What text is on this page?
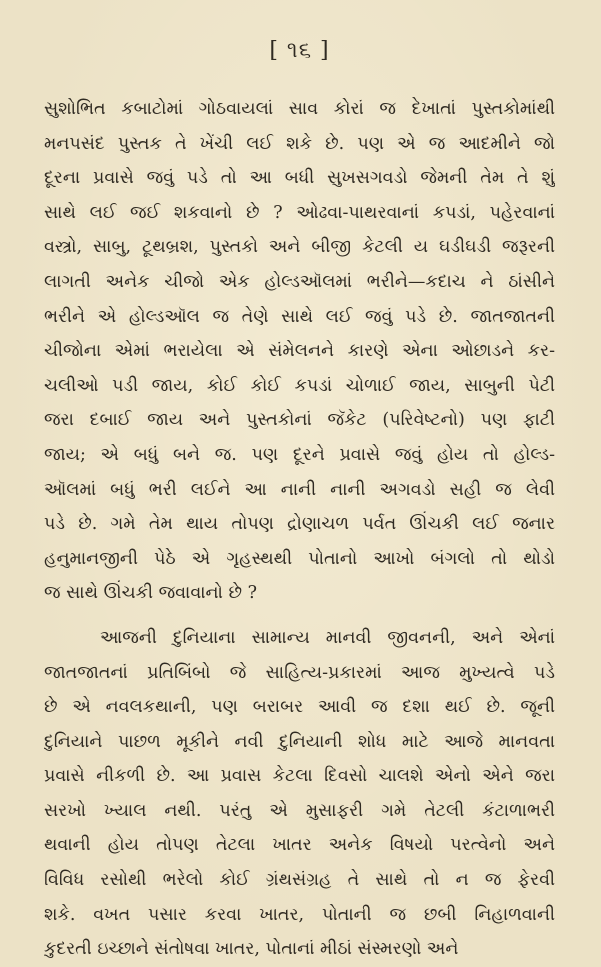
[ ૧૬ ]

સુશોભિત કબાટોમાં ગોઠવાયલાં સાવ કોરાં જ દેખાતાં પુસ્તકોમાંથી
મનપસંદ પુસ્તક તે ખેંચી લઈ શકે છે. પણ એ જ આદમીને જો
દૂરના પ્રવાસે જવું પડે તો આ બધી સુખસગવડો જેમની તેમ તે શું
સાથે લઈ જઈ શકવાનો છે ? ઓઢવા-પાથરવાનાં કપડાં, પહેરવાનાં
વસ્ત્રો, સાબુ, ટૂથબ્રશ, પુસ્તકો અને બીજી કેટલી ય ઘડીઘડી જરૂરની
લાગતી અનેક ચીજો એક હોલ્ડઑલમાં ભરીને—કદાચ ને ઠાંસીને
ભરીને એ હોલ્ડઑલ જ તેણે સાથે લઈ જવું પડે છે. જાતજાતની
ચીજોના એમાં ભરાયેલા એ સંમેલનને કારણે એના ઓછાડને કર-
ચલીઓ પડી જાય, કોઈ કોઈ કપડાં ચોળાઈ જાય, સાબુની પેટી
જરા દબાઈ જાય અને પુસ્તકોનાં જૅકેટ (પરિવેષ્ટનો) પણ ફાટી
જાય; એ બધું બને જ. પણ દૂરને પ્રવાસે જવું હોય તો હોલ્ડ-
ઑલમાં બધું ભરી લઈને આ નાની નાની અગવડો સહી જ લેવી
પડે છે. ગમે તેમ થાય તોપણ દ્રોણાચળ પર્વત ઊંચકી લઈ જનાર
હનુમાનજીની પેઠે એ ગૃહસ્થથી પોતાનો આખો બંગલો તો થોડો
જ સાથે ઊંચકી જવાવાનો છે ?

આજની દુનિયાના સામાન્ય માનવી જીવનની, અને એનાં
જાતજાતનાં પ્રતિબિંબો જે સાહિત્ય-પ્રકારમાં આજ મુખ્યત્વે પડે
છે એ નવલકથાની, પણ બરાબર આવી જ દશા થઈ છે. જૂની
દુનિયાને પાછળ મૂકીને નવી દુનિયાની શોધ માટે આજે માનવતા
પ્રવાસે નીકળી છે. આ પ્રવાસ કેટલા દિવસો ચાલશે એનો એને જરા
સરખો ખ્યાલ નથી. પરંતુ એ મુસાફરી ગમે તેટલી કંટાળાભરી
થવાની હોય તોપણ તેટલા ખાતર અનેક વિષયો પરત્વેનો અને
વિવિધ રસોથી ભરેલો કોઈ ગ્રંથસંગ્રહ તે સાથે તો ન જ ફેરવી
શકે. વખત પસાર કરવા ખાતર, પોતાની જ છબી નિહાળવાની
કુદરતી ઇચ્છાને સંતોષવા ખાતર, પોતાનાં મીઠાં સંસ્મરણો અને
